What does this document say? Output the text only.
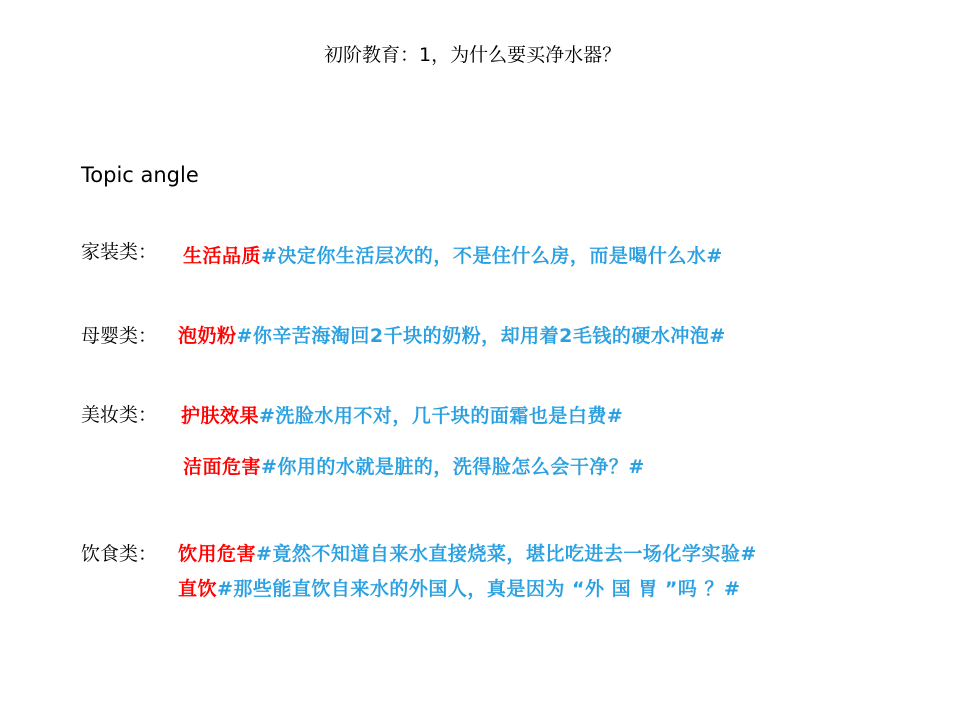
初阶教育：1，为什么要买净水器？
Topic angle
家装类： 生活品质#决定你生活层次的，不是住什么房，而是喝什么水#
母婴类： 泡奶粉#你辛苦海淘回2千块的奶粉，却用着2毛钱的硬水冲泡#
美妆类： 护肤效果#洗脸水用不对，几千块的面霜也是白费#
洁面危害#你用的水就是脏的，洗得脸怎么会干净？#
饮食类： 饮用危害#竟然不知道自来水直接烧菜，堪比吃进去一场化学实验#
直饮#那些能直饮自来水的外国人，真是因为 “外 国 胃 ”吗 ？#
